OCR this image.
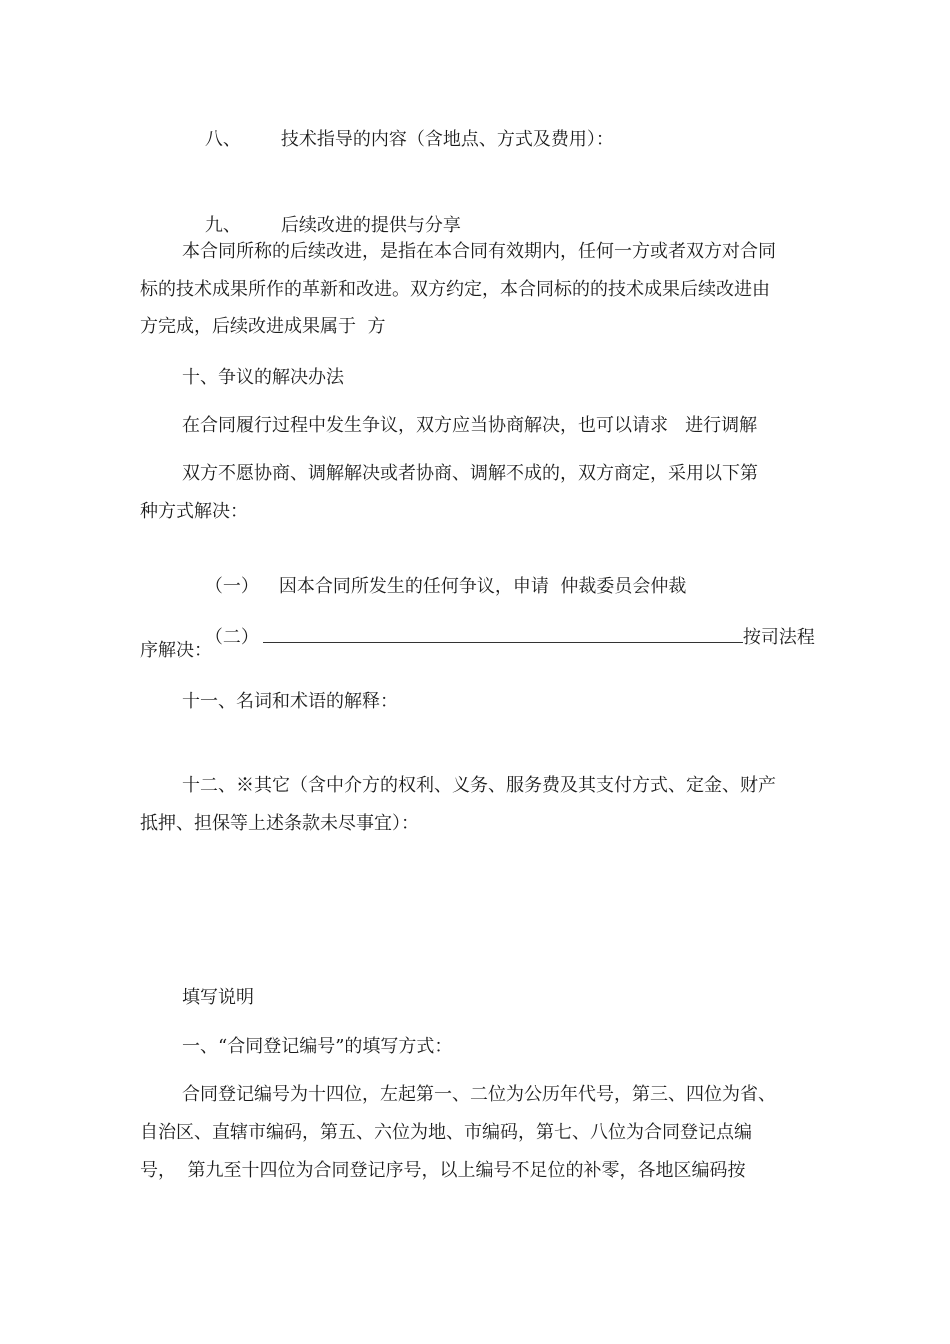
八、 技术指导的内容（含地点、方式及费用）：

九、 后续改进的提供与分享

本合同所称的后续改进，是指在本合同有效期内，任何一方或者双方对合同
标的技术成果所作的革新和改进。双方约定，本合同标的的技术成果后续改进由
方完成，后续改进成果属于  方
十、争议的解决办法
在合同履行过程中发生争议，双方应当协商解决，也可以请求   进行调解
双方不愿协商、调解解决或者协商、调解不成的，双方商定，采用以下第
种方式解决：

（一） 因本合同所发生的任何争议，申请  仲裁委员会仲裁

（二）	按司法程

序解决：
十一、名词和术语的解释：
十二、※其它（含中介方的权利、义务、服务费及其支付方式、定金、财产
抵押、担保等上述条款未尽事宜）：
填写说明
一、“合同登记编号”的填写方式：
合同登记编号为十四位，左起第一、二位为公历年代号，第三、四位为省、
自治区、直辖市编码，第五、六位为地、市编码，第七、八位为合同登记点编
号，  第九至十四位为合同登记序号，以上编号不足位的补零，各地区编码按
